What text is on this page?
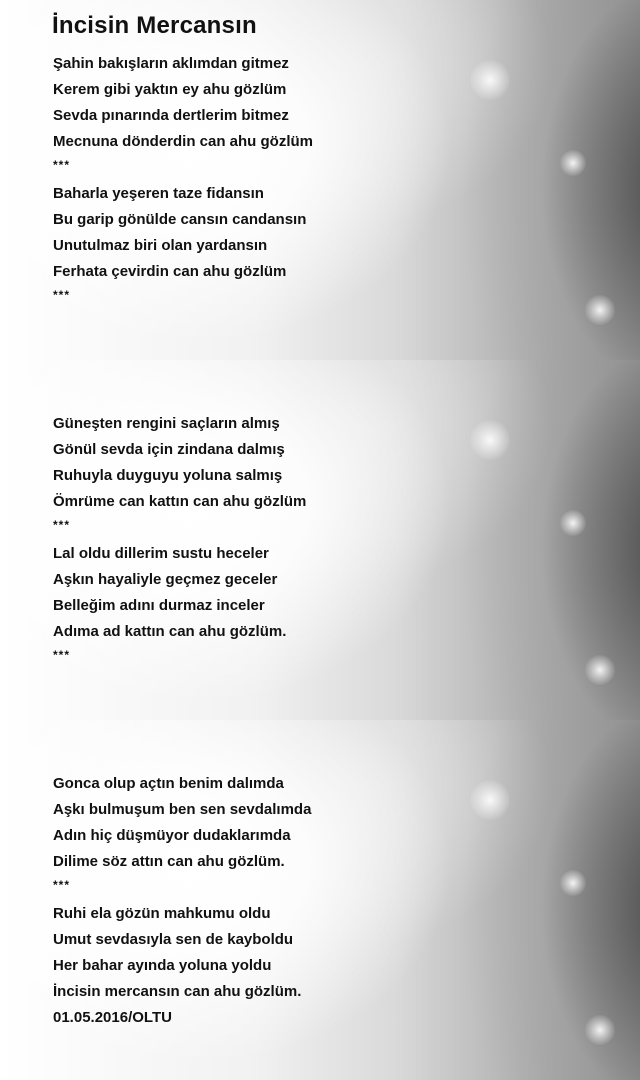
İncisin Mercansın
Şahin bakışların aklımdan gitmez
Kerem gibi yaktın ey ahu gözlüm
Sevda pınarında dertlerim bitmez
Mecnuna dönderdin can ahu gözlüm
***
Baharla yeşeren taze fidansın
Bu garip gönülde cansın candansın
Unutulmaz biri olan yardansın
Ferhata çevirdin can ahu gözlüm
***
Güneşten rengini saçların almış
Gönül sevda için zindana dalmış
Ruhuyla duyguyu yoluna salmış
Ömrüme can kattın can ahu gözlüm
***
Lal oldu dillerim sustu heceler
Aşkın hayaliyle geçmez geceler
Belleğim adını durmaz inceler
Adıma ad kattın can ahu gözlüm.
***
Gonca olup açtın benim dalımda
Aşkı bulmuşum ben sen sevdalımda
Adın hiç düşmüyor dudaklarımda
Dilime söz attın can ahu gözlüm.
***
Ruhi ela gözün mahkumu oldu
Umut sevdasıyla sen de kayboldu
Her bahar ayında yoluna yoldu
İncisin mercansın can ahu gözlüm.
01.05.2016/OLTU
